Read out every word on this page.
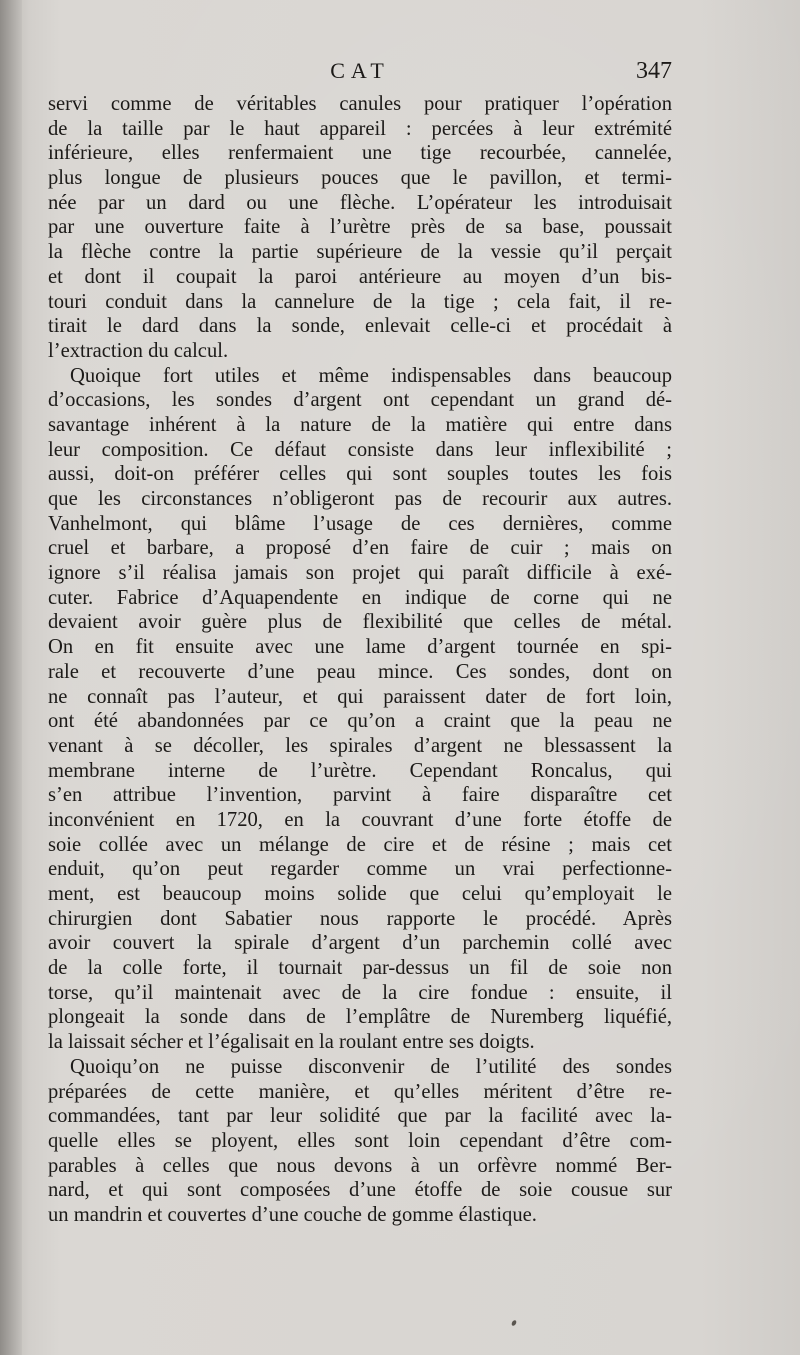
CAT	347
servi comme de véritables canules pour pratiquer l’opération
de la taille par le haut appareil : percées à leur extrémité
inférieure, elles renfermaient une tige recourbée, cannelée,
plus longue de plusieurs pouces que le pavillon, et termi-
née par un dard ou une flèche. L’opérateur les introduisait
par une ouverture faite à l’urètre près de sa base, poussait
la flèche contre la partie supérieure de la vessie qu’il perçait
et dont il coupait la paroi antérieure au moyen d’un bis-
touri conduit dans la cannelure de la tige ; cela fait, il re-
tirait le dard dans la sonde, enlevait celle-ci et procédait à
l’extraction du calcul.
Quoique fort utiles et même indispensables dans beaucoup
d’occasions, les sondes d’argent ont cependant un grand dé-
savantage inhérent à la nature de la matière qui entre dans
leur composition. Ce défaut consiste dans leur inflexibilité ;
aussi, doit-on préférer celles qui sont souples toutes les fois
que les circonstances n’obligeront pas de recourir aux autres.
Vanhelmont, qui blâme l’usage de ces dernières, comme
cruel et barbare, a proposé d’en faire de cuir ; mais on
ignore s’il réalisa jamais son projet qui paraît difficile à exé-
cuter. Fabrice d’Aquapendente en indique de corne qui ne
devaient avoir guère plus de flexibilité que celles de métal.
On en fit ensuite avec une lame d’argent tournée en spi-
rale et recouverte d’une peau mince. Ces sondes, dont on
ne connaît pas l’auteur, et qui paraissent dater de fort loin,
ont été abandonnées par ce qu’on a craint que la peau ne
venant à se décoller, les spirales d’argent ne blessassent la
membrane interne de l’urètre. Cependant Roncalus, qui
s’en attribue l’invention, parvint à faire disparaître cet
inconvénient en 1720, en la couvrant d’une forte étoffe de
soie collée avec un mélange de cire et de résine ; mais cet
enduit, qu’on peut regarder comme un vrai perfectionne-
ment, est beaucoup moins solide que celui qu’employait le
chirurgien dont Sabatier nous rapporte le procédé. Après
avoir couvert la spirale d’argent d’un parchemin collé avec
de la colle forte, il tournait par-dessus un fil de soie non
torse, qu’il maintenait avec de la cire fondue : ensuite, il
plongeait la sonde dans de l’emplâtre de Nuremberg liquéfié,
la laissait sécher et l’égalisait en la roulant entre ses doigts.
Quoiqu’on ne puisse disconvenir de l’utilité des sondes
préparées de cette manière, et qu’elles méritent d’être re-
commandées, tant par leur solidité que par la facilité avec la-
quelle elles se ployent, elles sont loin cependant d’être com-
parables à celles que nous devons à un orfèvre nommé Ber-
nard, et qui sont composées d’une étoffe de soie cousue sur
un mandrin et couvertes d’une couche de gomme élastique.
